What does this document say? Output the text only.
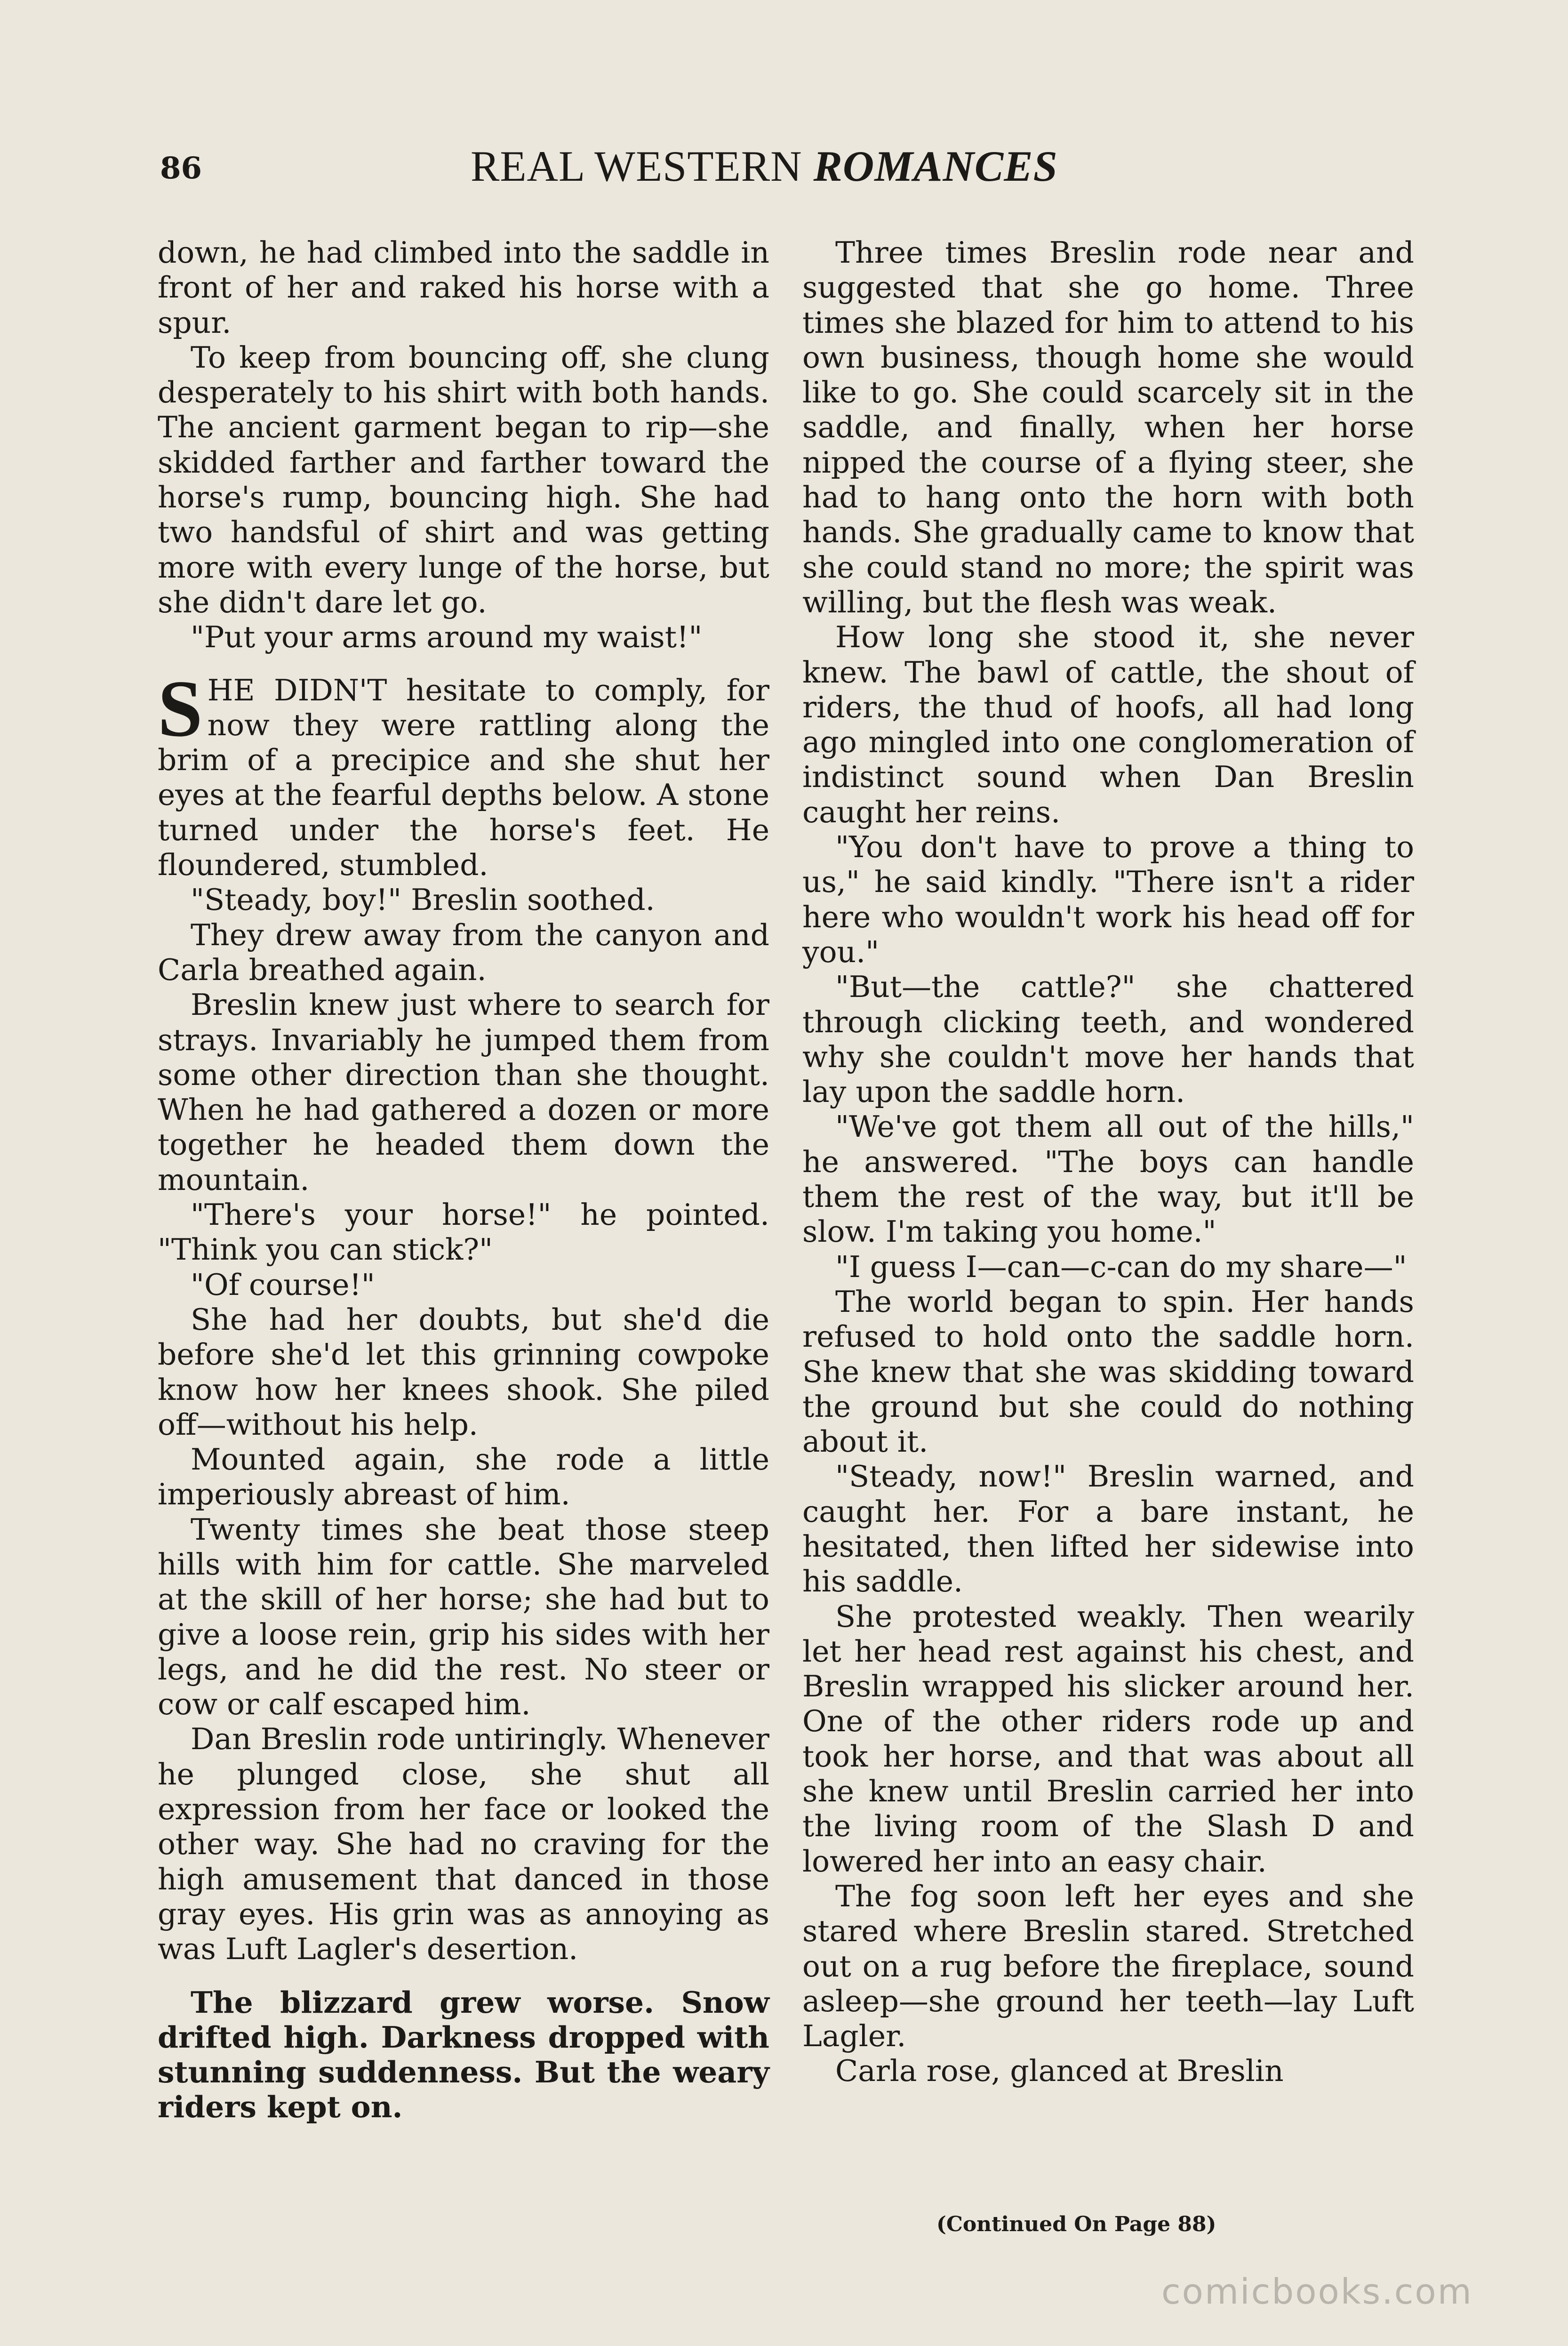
86	REAL WESTERN ROMANCES

down, he had climbed into the saddle in front of her and raked his horse with a spur.

To keep from bouncing off, she clung desperately to his shirt with both hands. The ancient garment began to rip—she skidded farther and farther toward the horse's rump, bouncing high. She had two handsful of shirt and was getting more with every lunge of the horse, but she didn't dare let go.

"Put your arms around my waist!"

SHE DIDN'T hesitate to comply, for now they were rattling along the brim of a precipice and she shut her eyes at the fearful depths below. A stone turned under the horse's feet. He floundered, stumbled.

"Steady, boy!" Breslin soothed.

They drew away from the canyon and Carla breathed again.

Breslin knew just where to search for strays. Invariably he jumped them from some other direction than she thought. When he had gathered a dozen or more together he headed them down the mountain.

"There's your horse!" he pointed. "Think you can stick?"

"Of course!"

She had her doubts, but she'd die before she'd let this grinning cowpoke know how her knees shook. She piled off—without his help.

Mounted again, she rode a little imperiously abreast of him.

Twenty times she beat those steep hills with him for cattle. She marveled at the skill of her horse; she had but to give a loose rein, grip his sides with her legs, and he did the rest. No steer or cow or calf escaped him.

Dan Breslin rode untiringly. Whenever he plunged close, she shut all expression from her face or looked the other way. She had no craving for the high amusement that danced in those gray eyes. His grin was as annoying as was Luft Lagler's desertion.

The blizzard grew worse. Snow drifted high. Darkness dropped with stunning suddenness. But the weary riders kept on.

Three times Breslin rode near and suggested that she go home. Three times she blazed for him to attend to his own business, though home she would like to go. She could scarcely sit in the saddle, and finally, when her horse nipped the course of a flying steer, she had to hang onto the horn with both hands. She gradually came to know that she could stand no more; the spirit was willing, but the flesh was weak.

How long she stood it, she never knew. The bawl of cattle, the shout of riders, the thud of hoofs, all had long ago mingled into one conglomeration of indistinct sound when Dan Breslin caught her reins.

"You don't have to prove a thing to us," he said kindly. "There isn't a rider here who wouldn't work his head off for you."

"But—the cattle?" she chattered through clicking teeth, and wondered why she couldn't move her hands that lay upon the saddle horn.

"We've got them all out of the hills," he answered. "The boys can handle them the rest of the way, but it'll be slow. I'm taking you home."

"I guess I—can—c-can do my share—"

The world began to spin. Her hands refused to hold onto the saddle horn. She knew that she was skidding toward the ground but she could do nothing about it.

"Steady, now!" Breslin warned, and caught her. For a bare instant, he hesitated, then lifted her sidewise into his saddle.

She protested weakly. Then wearily let her head rest against his chest, and Breslin wrapped his slicker around her. One of the other riders rode up and took her horse, and that was about all she knew until Breslin carried her into the living room of the Slash D and lowered her into an easy chair.

The fog soon left her eyes and she stared where Breslin stared. Stretched out on a rug before the fireplace, sound asleep—she ground her teeth—lay Luft Lagler.

Carla rose, glanced at Breslin

(Continued On Page 88)
comicbooks.com
